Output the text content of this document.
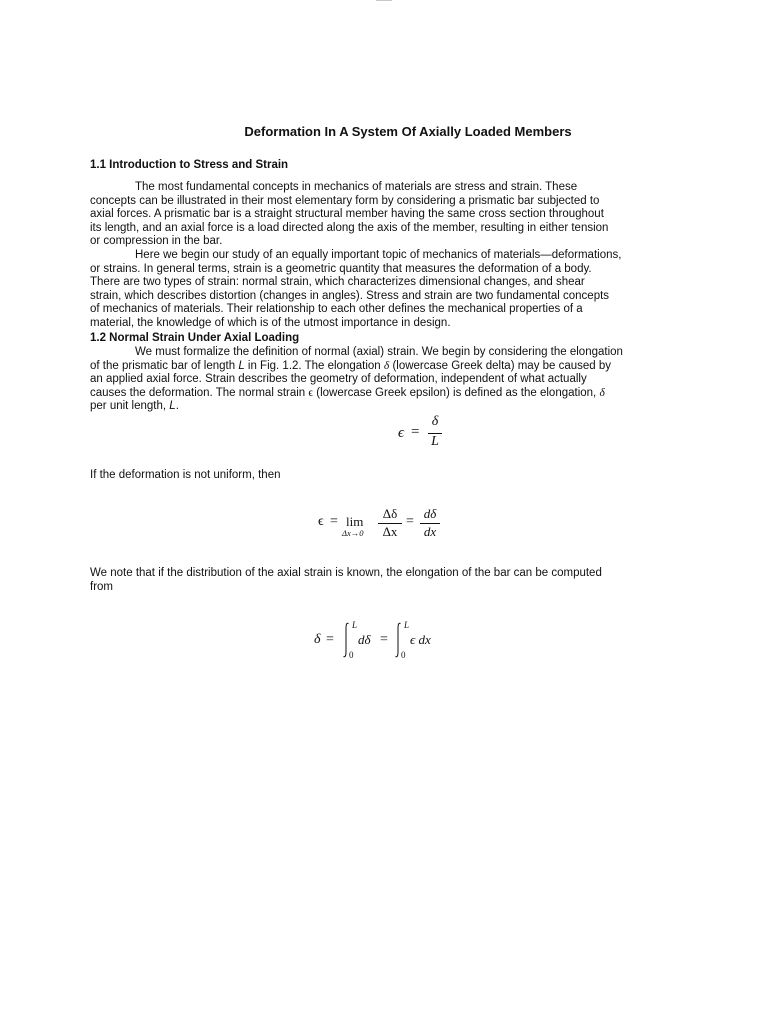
Deformation In A System Of Axially Loaded Members
1.1 Introduction to Stress and Strain
The most fundamental concepts in mechanics of materials are stress and strain. These
concepts can be illustrated in their most elementary form by considering a prismatic bar subjected to
axial forces. A prismatic bar is a straight structural member having the same cross section throughout
its length, and an axial force is a load directed along the axis of the member, resulting in either tension
or compression in the bar.
Here we begin our study of an equally important topic of mechanics of materials—deformations,
or strains. In general terms, strain is a geometric quantity that measures the deformation of a body.
There are two types of strain: normal strain, which characterizes dimensional changes, and shear
strain, which describes distortion (changes in angles). Stress and strain are two fundamental concepts
of mechanics of materials. Their relationship to each other defines the mechanical properties of a
material, the knowledge of which is of the utmost importance in design.
1.2 Normal Strain Under Axial Loading
We must formalize the definition of normal (axial) strain. We begin by considering the elongation
of the prismatic bar of length L in Fig. 1.2. The elongation δ (lowercase Greek delta) may be caused by
an applied axial force. Strain describes the geometry of deformation, independent of what actually
causes the deformation. The normal strain ϵ (lowercase Greek epsilon) is defined as the elongation, δ
per unit length, L.
ϵ =
δ
L
If the deformation is not uniform, then
ϵ = lim
Δx→0
Δδ
Δx
=
dδ
dx
We note that if the distribution of the axial strain is known, the elongation of the bar can be computed
from
δ =
L
0
dδ =
L
0
ϵ dx
